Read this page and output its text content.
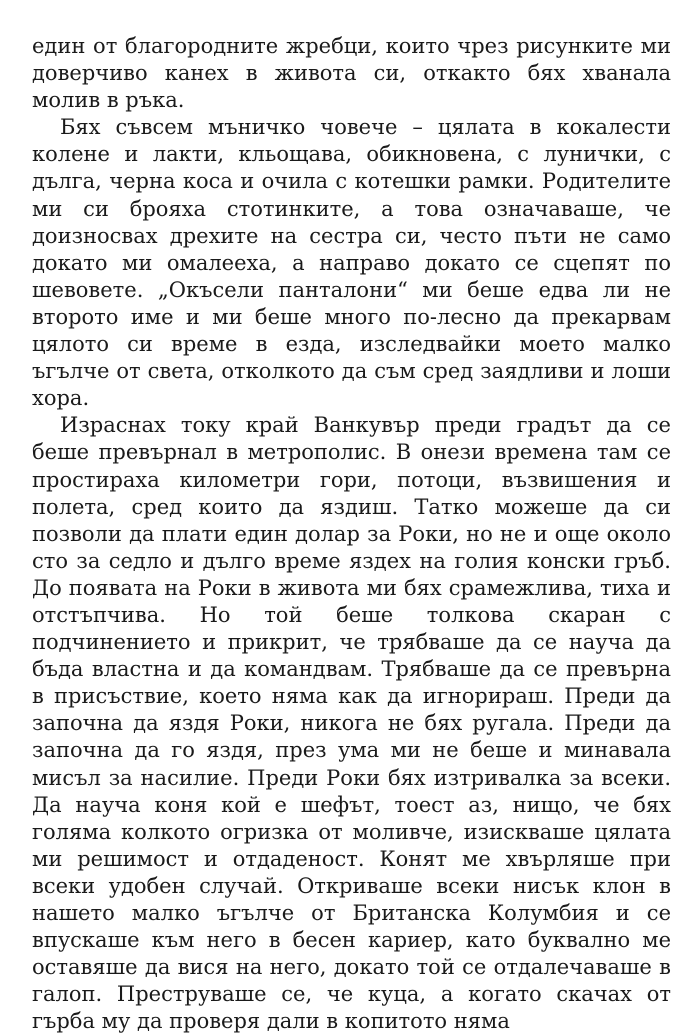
един от благородните жребци, които чрез рисунките ми доверчиво канех в живота си, откакто бях хванала молив в ръка.

Бях съвсем мъничко човече – цялата в кокалести колене и лакти, кльощава, обикновена, с лунички, с дълга, черна коса и очила с котешки рамки. Родителите ми си брояха стотинките, а това означаваше, че доизносвах дрехите на сестра си, често пъти не само докато ми омалееха, а направо докато се сцепят по шевовете. „Окъсели панталони“ ми беше едва ли не второто име и ми беше много по-лесно да прекарвам цялото си време в езда, изследвайки моето малко ъгълче от света, отколкото да съм сред заядливи и лоши хора.

Израснах току край Ванкувър преди градът да се беше превърнал в метрополис. В онези времена там се простираха километри гори, потоци, възвишения и полета, сред които да яздиш. Татко можеше да си позволи да плати един долар за Роки, но не и още около сто за седло и дълго време яздех на голия конски гръб. До появата на Роки в живота ми бях срамежлива, тиха и отстъпчива. Но той беше толкова скаран с подчинението и прикрит, че трябваше да се науча да бъда властна и да командвам. Трябваше да се превърна в присъствие, което няма как да игнорираш. Преди да започна да яздя Роки, никога не бях ругала. Преди да започна да го яздя, през ума ми не беше и минавала мисъл за насилие. Преди Роки бях изтривалка за всеки. Да науча коня кой е шефът, тоест аз, нищо, че бях голяма колкото огризка от моливче, изискваше цялата ми решимост и отдаденост. Конят ме хвърляше при всеки удобен случай. Откриваше всеки нисък клон в нашето малко ъгълче от Британска Колумбия и се впускаше към него в бесен кариер, като буквално ме оставяше да вися на него, докато той се отдалечаваше в галоп. Преструваше се, че куца, а когато скачах от гърба му да проверя дали в копитото няма
